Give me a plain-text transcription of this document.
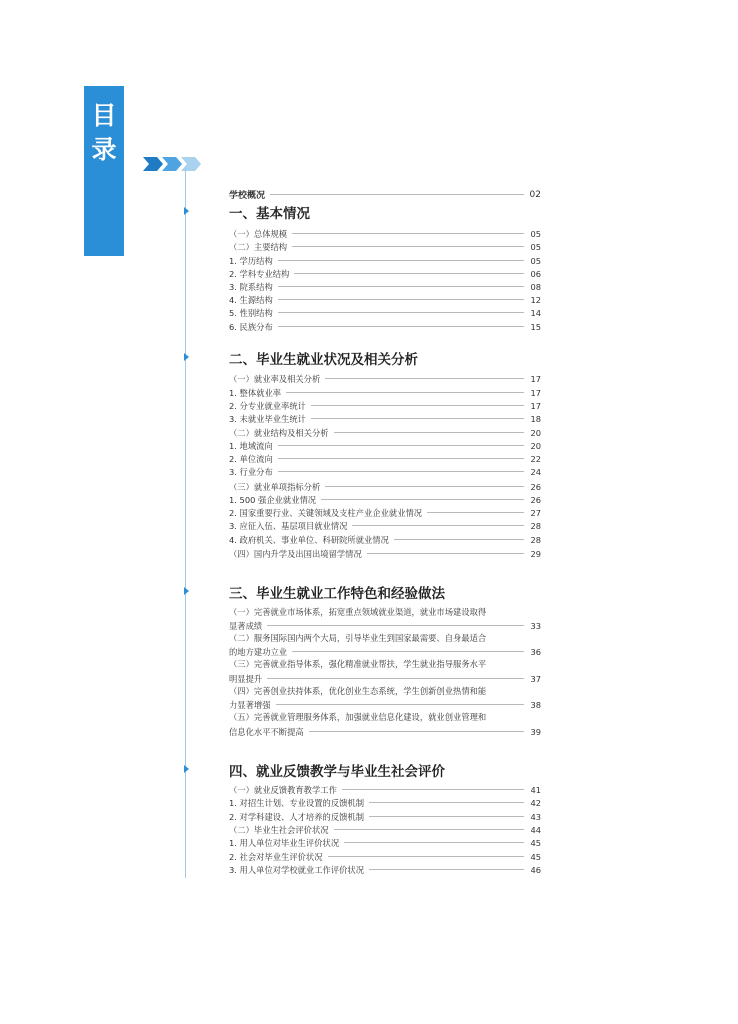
目
录
Content
学校概况	02
一、基本情况
（一）总体规模	05
（二）主要结构	05
1. 学历结构	05
2. 学科专业结构	06
3. 院系结构	08
4. 生源结构	12
5. 性别结构	14
6. 民族分布	15
二、毕业生就业状况及相关分析
（一）就业率及相关分析	17
1. 整体就业率	17
2. 分专业就业率统计	17
3. 未就业毕业生统计	18
（二）就业结构及相关分析	20
1. 地域流向	20
2. 单位流向	22
3. 行业分布	24
（三）就业单项指标分析	26
1. 500 强企业就业情况	26
2. 国家重要行业、关键领域及支柱产业企业就业情况	27
3. 应征入伍、基层项目就业情况	28
4. 政府机关、事业单位、科研院所就业情况	28
（四）国内升学及出国出境留学情况	29
三、毕业生就业工作特色和经验做法
（一）完善就业市场体系，拓宽重点领域就业渠道，就业市场建设取得
显著成绩	33
（二）服务国际国内两个大局，引导毕业生到国家最需要、自身最适合
的地方建功立业	36
（三）完善就业指导体系，强化精准就业帮扶，学生就业指导服务水平
明显提升	37
（四）完善创业扶持体系，优化创业生态系统，学生创新创业热情和能
力显著增强	38
（五）完善就业管理服务体系，加强就业信息化建设，就业创业管理和
信息化水平不断提高	39
四、就业反馈教学与毕业生社会评价
（一）就业反馈教育教学工作	41
1. 对招生计划、专业设置的反馈机制	42
2. 对学科建设、人才培养的反馈机制	43
（二）毕业生社会评价状况	44
1. 用人单位对毕业生评价状况	45
2. 社会对毕业生评价状况	45
3. 用人单位对学校就业工作评价状况	46
